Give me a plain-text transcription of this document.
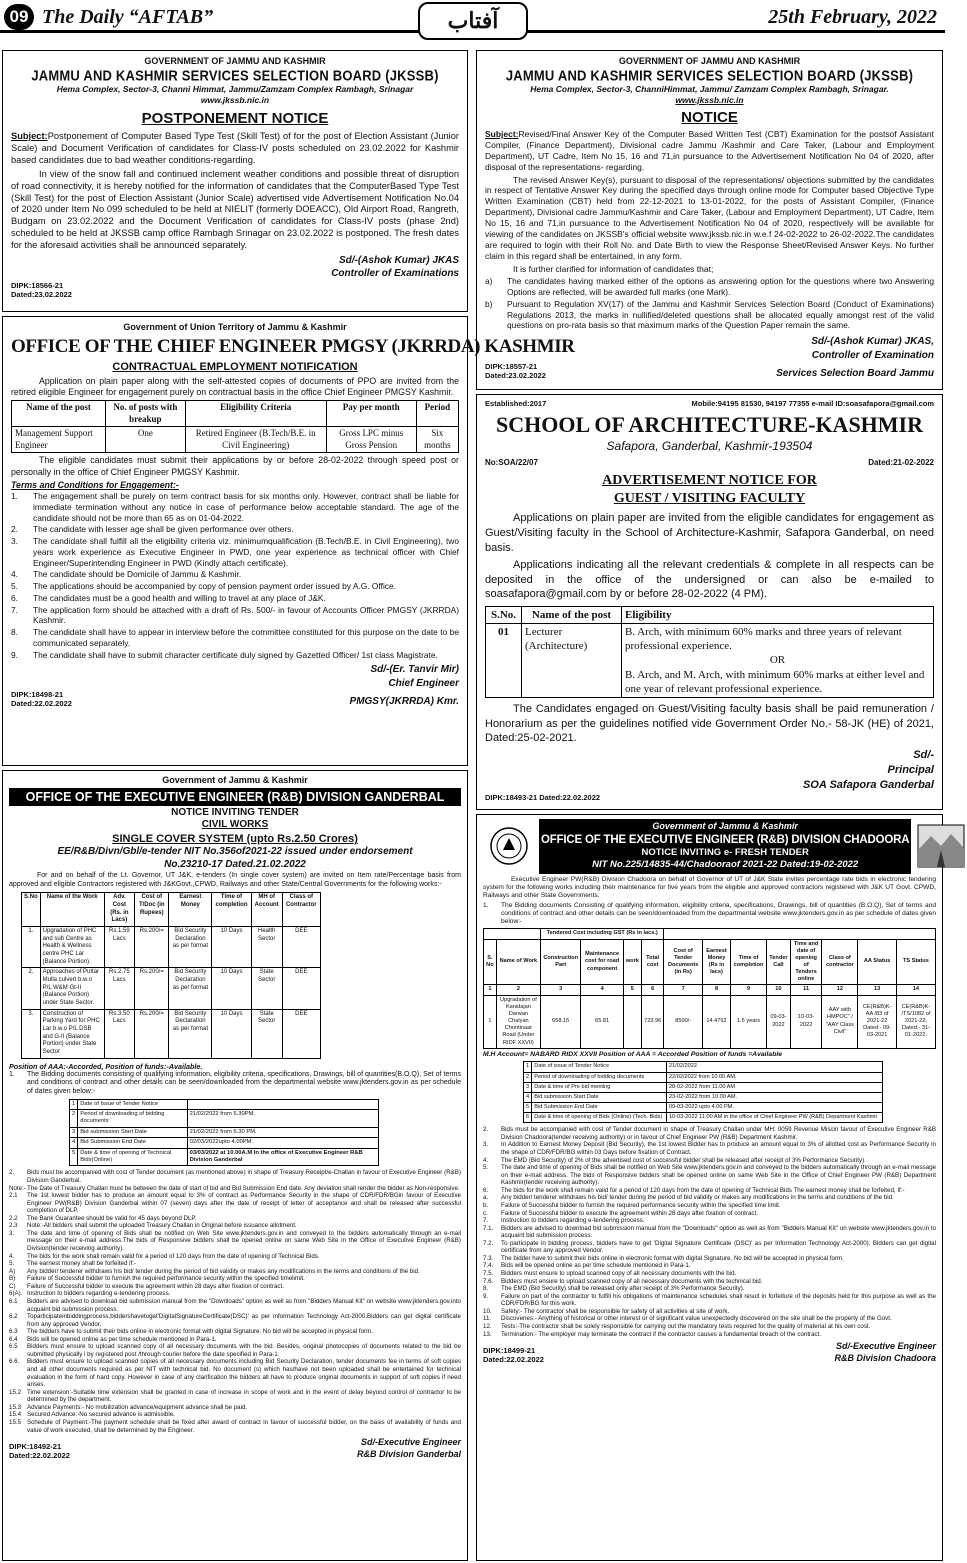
09 The Daily “AFTAB”	آفتاب	25th February, 2022
GOVERNMENT OF JAMMU AND KASHMIR
JAMMU AND KASHMIR SERVICES SELECTION BOARD (JKSSB)
Hema Complex, Sector-3, Channi Himmat, Jammu/Zamzam Complex Rambagh, Srinagar
www.jkssb.nic.in
POSTPONEMENT NOTICE

Subject:Postponement of Computer Based Type Test (Skill Test) of for the post of Election Assistant (Junior Scale) and Document Verification of candidates for Class-IV posts scheduled on 23.02.2022 for Kashmir based candidates due to bad weather conditions-regarding.

In view of the snow fall and continued inclement weather conditions and possible threat of disruption of road connectivity, it is hereby notified for the information of candidates that the ComputerBased Type Test (Skill Test) for the post of Election Assistant (Junior Scale) advertised vide Advertisement Notification No.04 of 2020 under Item No 099 scheduled to be held at NIELIT (formerly DOEACC), Old Airport Road, Rangreth, Budgam on 23.02.2022 and the Document Verification of candidates for Class-IV posts (phase 2nd) scheduled to be held at JKSSB camp office Rambagh Srinagar on 23.02.2022 is postponed. The fresh dates for the aforesaid activities shall be announced separately.

Sd/-(Ashok Kumar) JKAS
Controller of Examinations
DIPK:18566-21
Dated:23.02.2022
GOVERNMENT OF JAMMU AND KASHMIR
JAMMU AND KASHMIR SERVICES SELECTION BOARD (JKSSB)
Hema Complex, Sector-3, ChanniHimmat, Jammu/ Zamzam Complex Rambagh, Srinagar.
www.jkssb.nic.in
NOTICE

Subject:Revised/Final Answer Key of the Computer Based Written Test (CBT) Examination for the postsof Assistant Compiler, (Finance Department), Divisional cadre Jammu /Kashmir and Care Taker, (Labour and Employment Department), UT Cadre, Item No 15, 16 and 71,in pursuance to the Advertisement Notification No 04 of 2020, after disposal of the representations- regarding.

The revised Answer Key(s), pursuant to disposal of the representations/ objections submitted by the candidates in respect of Tentative Answer Key during the specified days through online mode for Computer based Objective Type Written Examination (CBT) held from 22-12-2021 to 13-01-2022, for the posts of Assistant Compiler, (Finance Department), Divisional cadre Jammu/Kashmir and Care Taker, (Labour and Employment Department), UT Cadre, Item No 15, 16 and 71,in pursuance to the Advertisement Notification No 04 of 2020, respectively will be available for viewing of the candidates on JKSSB's official website www.jkssb.nic.in w.e.f 24-02-2022 to 26-02-2022.The candidates are required to login with their Roll No. and Date Birth to view the Response Sheet/Revised Answer Keys. No further claim in this regard shall be entertained, in any form.

It is further clarified for information of candidates that;

a)	The candidates having marked either of the options as answering option for the questions where two Answering Options are reflected, will be awarded full marks (one Mark).
b)	Pursuant to Regulation XV(17) of the Jammu and Kashmir Services Selection Board (Conduct of Examinations) Regulations 2013, the marks in nullified/deleted questions shall be allocated equally amongst rest of the valid questions on pro-rata basis so that maximum marks of the Question Paper remain the same.
Sd/-(Ashok Kumar) JKAS,
Controller of Examination
DIPK:18557-21
Dated:23.02.2022	Services Selection Board Jammu
Government of Union Territory of Jammu & Kashmir
OFFICE OF THE CHIEF ENGINEER PMGSY (JKRRDA) KASHMIR
CONTRACTUAL EMPLOYMENT NOTIFICATION

Application on plain paper along with the self-attested copies of documents of PPO are invited from the retired eligible Engineer for engagement purely on contractual basis in the office Chief Engineer PMGSY Kashmir.

Name of the post	No. of posts with breakup	Eligibility Criteria	Pay per month	Period
Management Support Engineer	One	Retired Engineer (B.Tech/B.E. in Civil Engineering)	Gross LPC minus Gross Pension	Six months

The eligible candidates must submit their applications by or before 28-02-2022 through speed post or personally in the office of Chief Engineer PMGSY Kashmir.

Terms and Conditions for Engagement:-
1.	The engagement shall be purely on term contract basis for six months only. However, contract shall be liable for immediate termination without any notice in case of performance below acceptable standard. The age of the candidate should not be more than 65 as on 01-04-2022.
2.	The candidate with lesser age shall be given performance over others.
3.	The candidate shall fulfill all the eligibility criteria viz. minimumqualification (B.Tech/B.E. in Civil Engineering), two years work experience as Executive Engineer in PWD, one year experience as technical officer with Chief Engineer/Superintending Engineer in PWD (Kindly attach certificate).
4.	The candidate should be Domicile of Jammu & Kashmir.
5.	The applications should be accompanied by copy of pension payment order issued by A.G. Office.
6.	The candidates must be a good health and willing to travel at any place of J&K.
7.	The application form should be attached with a draft of Rs. 500/- in favour of Accounts Officer PMGSY (JKRRDA) Kashmir.
8.	The candidate shall have to appear in interview before the committee constituted for this purpose on the date to be communicated separately.
9.	The candidate shall have to submit character certificate duly signed by Gazetted Officer/ 1st class Magistrate.
Sd/-(Er. Tanvir Mir)
Chief Engineer
DIPK:18498-21
Dated:22.02.2022	PMGSY(JKRRDA) Kmr.
Established:2017	Mobile:94195 81530, 94197 77355 e-mail ID:soasafapora@gmail.com
SCHOOL OF ARCHITECTURE-KASHMIR
Safapora, Ganderbal, Kashmir-193504
No:SOA/22/07	Dated:21-02-2022
ADVERTISEMENT NOTICE FOR
GUEST / VISITING FACULTY

Applications on plain paper are invited from the eligible candidates for engagement as Guest/Visiting faculty in the School of Architecture-Kashmir, Safapora Ganderbal, on need basis.

Applications indicating all the relevant credentials & complete in all respects can be deposited in the office of the undersigned or can also be e-mailed to soasafapora@gmail.com by or before 28-02-2022 (4 PM).

S.No.	Name of the post	Eligibility
01	Lecturer (Architecture)	B. Arch, with minimum 60% marks and three years of relevant professional experience.
OR
B. Arch, and M. Arch, with minimum 60% marks at either level and one year of relevant professional experience.

The Candidates engaged on Guest/Visiting faculty basis shall be paid remuneration / Honorarium as per the guidelines notified vide Government Order No.- 58-JK (HE) of 2021, Dated:25-02-2021.

Sd/-
Principal
SOA Safapora Ganderbal
DIPK:18493-21 Dated:22.02.2022
Government of Jammu & Kashmir
OFFICE OF THE EXECUTIVE ENGINEER (R&B) DIVISION GANDERBAL
NOTICE INVITING TENDER
CIVIL WORKS
SINGLE COVER SYSTEM (upto Rs.2.50 Crores)
EE/R&B/Divn/Gbl/e-tender NIT No.356of2021-22 issued under endorsement
No.23210-17 Dated.21.02.2022

For and on behalf of the Lt. Governor, UT J&K, e-tenders (In single cover system) are invited on Item rate/Percentage basis from approved and eligible Contractors registered with J&KGovt.,CPWD, Railways and other State/Central Governments for the following works:-

S.No	Name of the Work	Adv. Cost (Rs. in Lacs)	Cost of T/Doc (in Rupees)	Earnest Money	Time of completion	MH of Account	Class of Contractor
1.	Upgradation of PHC and sub Centre as Health & Wellness centre PHC Lar (Balance Portion).	Rs.1.59 Lacs	Rs.200/=	Bid Security Declaration as per format	10 Days	Health Sector	DEE
2.	Approaches of Puttar Mulla culvert b.w.o P/L W&M Gt-II (Balance Portion) under State Sector.	Rs.2.75 Lacs	Rs.200/=	Bid Security Declaration as per format	10 Days	State Sector	DEE
3.	Construction of Parking Yard for PHC Lar b.w.o P/L DSB and G-II (Balance Portion) under State Sector	Rs.3.50 Lacs	Rs.200/=	Bid Security Declaration as per format	10 Days	State Sector	DEE
Position of AAA:-Accorded, Position of funds:-Available.
1.	The Bidding documents consisting of qualifying information, eligibility criteria, specifications, Drawings, bill of quantities(B.O.Q), Set of terms and conditions of contract and other details can be seen/downloaded from the departmental website www.jktenders.gov.in as per schedule of dates given below:-
1	Date of Issue of Tender Notice	
2	Period of downloading of bidding documents	21/02/2022 from 6.30PM.
3	Bid submission Start Date	21/02/2022 from 6.30 PM.
4	Bid Submission End Date	02/03/2022upto 4.00PM.
5	Date & time of opening of Technical Bids(Online)	03/03/2022 at 10.00A.M In the office of Executive Engineer R&B Division Ganderbal
2.	Bids must be accompanied with cost of Tender document (as mentioned above) in shape of Treasury Receipt/e-Challan in favour of Executive Engineer (R&B) Division Ganderbal.
Note:- The Date of Treasury Challan must be between the date of start of bid and Bid Submission End date. Any deviation shall render the bidder as Non-responsive.
2.1	The 1st lowest bidder has to produce an amount equal to 3% of contract as Performance Security in the shape of CDR/FDR/BGin favour of Executive Engineer PW(R&B) Division Ganderbal within 07 (seven) days after the date of receipt of letter of acceptance and shall be released after successful completion of DLP.
2.2	The Bank Guarantee should be valid for 45 days beyond DLP.
2.3	Note:-All bidders shall submit the uploaded Treasury Challan in Original before issuance allotment.
3.	The date and time of opening of Bids shall be notified on Web Site www.jktenders.gov.in and conveyed to the bidders automatically through an e-mail message on their e-mail address.The bids of Responsive bidders shall be opened online on same Web Site in the Office of Executive Engineer (R&B) Division(tender receiving authority).
4.	The bids for the work shall remain valid for a period of 120 days from the date of opening of Technical Bids.
5.	The earnest money shall be forfeited if:-
A)	Any bidder/ tenderer withdraws his bid/ tender during the period of bid validity or makes any modifications in the terms and conditions of the bid.
B)	Failure of Successful bidder to furnish the required performance security within the specified timelimit.
C)	Failure of Successful bidder to execute the agreement within 28 days after fixation of contract.
6(A). Instruction to bidders regarding e-tendering process.
6.1	Bidders are advised to download bid submission manual from the "Downloads" option as well as from "Bidders Manual Kit" on website www.jktenders.gov.into acquaint bid submission process.
6.2	Toparticipateinbiddingprocess,biddershavetoget'DigitalSignatureCertificate(DSC)' as per information Technology Act-2000.Bidders can get digital certificate from any approved Vendor.
6.3	The bidders have to submit their bids online in electronic format with digital Signature. No bid will be accepted in physical form.
6.4	Bids will be opened online as per time schedule mentioned in Para-1.
6.5	Bidders must ensure to upload scanned copy of all necessary documents with the bid. Besides, original photocopies of documents related to the bid be submitted physically l by registered post /through courier before the date specified in Para-1.
6.6.	Bidders must ensure to upload scanned copies of all necessary documents including Bid Security Declaration, tender documents fee in terms of soft copies and all other documents required as per NIT with technical bid. No document (s) which has/have not been uploaded shall be entertained for technical evaluation in the form of hard copy. However in case of any clarification the bidders all have to produce original documents in support of soft copies if need arises.
15.2 Time extension:-Suitable time extension shall be granted in case of increase in scope of work and in the event of delay beyond control of contractor to be determined by the department.
15.3 Advance Payments:- No mobilization advance/equipment advance shall be paid.
15.4 Secured Advance:-No secured advance is admissible.
15.5 Schedule of Payment:-The payment schedule shall be fixed after award of contract in favour of successful bidder, on the basis of availability of funds and value of work executed, shall be determined by the Engineer.
DIPK:18492-21
Dated:22.02.2022
Sd/-Executive Engineer
R&B Division Ganderbal
Government of Jammu & Kashmir
OFFICE OF THE EXECUTIVE ENGINEER (R&B) DIVISION CHADOORA
NOTICE INVITING e- FRESH TENDER
NIT No.225/14835-44/Chadooraof 2021-22 Dated:19-02-2022

Executive Engineer PW(R&B) Division Chadoora on behalf of Governor of UT of J&K State invites percentage rate bids in electronic tendering system for the following works including their maintenance for five years from the eligible and approved contractors registered with J&K UT Govt. CPWD, Railways and other State Governments.

1.	The Bidding documents Consisting of qualifying information, eligibility criteria, specifications, Drawings, bill of quantities (B.O.Q), Set of terms and conditions of contract and other details can be seen/downloaded from the departmental website www.jktenders.gov.in as per schedule of dates given below:-
		Tendered Cost including GST (Rs in lacs.)											
S. No	Name of Work	Construction Part	Maintenance cost for road component	work	Total cost	Cost of Tender Documents (in Rs)	Earnest Money (Rs in lacs)	Time of completion	Tender Call	Time and date of opening of Tenders online	Class of contractor	AA Status	TS Status
1	2	3	4	5	6	7	8	9	10	11	12	13	14
1	Upgradation of Kanidajan Darwan Chalyan Chontinaar Road (Under RIDF XXVII)	658.15	65.81		723.96	8500/-	14.4792	1.5 years	09-03-2022	10-03-2022	AAY with HMPOC" / "AAY Class Civil"	CE(R&B)K-AA /83 of 2021-22 Dated:- 09-03-2021	CE(R&B)K- /TS/1082 of 2021-22, Dated:- 31-01-2022.
M.H Account= NABARD RIDX XXVII Position of AAA = Accorded Position of funds =Available
1	Date of issue of Tender Notice	21/02/2022
2	Period of downloading of bidding documents	22/02/2022 from 10.00 AM.
3	Date & time of Pre bid meeting	28-02-2022 from 11.00 AM
4	Bid submission Start Date	23-02-2022 from 10.00 AM.
5	Bid Submission End Date	09-03-2022 upto 4.00 PM.
6	Date & time of opening of Bids (Online) (Tech. Bids)	10-03-2022 11:00 AM in the office of Chief Engineer PW (R&B) Department Kashmir
2.	Bids must be accompanied with cost of Tender document in shape of Treasury Challan under MH: 0059 Revenue Miscin favour of Executive Engineer R&B Division Chadoora(tender receiving authority) or in favour of Chief Engineer PW (R&B) Department Kashmir.
3.	In Addition to Earnest Money Deposit (Bid Security), the 1st lowest Bidder has to produce an amount equal to 3% of allotted cost as Performance Security in the shape of CDR/FDR/BG within 03 Days before fixation of Contract.
4.	The EMD (Bid Security) of 2% of the advertised cost of successful bidder shall be released after receipt of 3% Performance Security).
5.	The date and time of opening of Bids shall be notified on Web Site www.jktenders.gov.in and conveyed to the bidders automatically through an e-mail message on their e-mail address. The bids of Responsive bidders shall be opened online on same Web Site in the Office of Chief Engineer PW (R&B) Department Kashmir(tender receiving authority).
6.	The bids for the work shall remain valid for a period of 120 days from the date of opening of Technical Bids The earnest money shall be forfeited, If:-
a.	Any bidder/ tenderer withdraws his bid/ tender during the period of bid validity or makes any modifications in the terms and conditions of the bid.
b.	Failure of Successful bidder to furnish the required performance security within the specified time limit.
c.	Failure of Successful bidder to execute the agreement within 28 days after fixation of contract.
7.	Instruction to bidders regarding e-tendering process.
7.1.	Bidders are advised to download bid submission manual from the "Downloads" option as well as from "Bidders Manual Kit" on website www.jktenders.gov.in to acquaint bid submission process.
7.2.	To participate in bidding process, bidders have to get 'Digital Signature Certificate (DSC)' as per Information Technology Act-2000). Bidders can get digital certificate from any approved Vendor.
7.3.	The bidder have to submit their bids online in electronic format with digital Signature. No bid will be accepted in physical form.
7.4.	Bids will be opened online as per time schedule mentioned in Para-1.
7.5.	Bidders must ensure to upload scanned copy of all necessary documents with the bid.
7.6.	Bidders must ensure to upload scanned copy of all necessary documents with the technical bid.
8.	The EMD (Bid Security) shall be released only after receipt of 3% Performance Security).
9.	Failure on part of the contractor to fulfill his obligations of maintenance schedules shall result in forfeiture of the deposits held for this purpose as well as the CDR/FDR/BG for this work.
10.	Safety:- The contractor shall be responsible for safety of all activities at site of work.
11.	Discoveries:- Anything of historical or other interest or of significant value unexpectedly discovered on the site shall be the property of the Govt.
12.	Tests:-The contractor shall be solely responsible for carrying out the mandatory tests required for the quality of material at his own cost.
13.	Termination:- The employer may terminate the contract if the contractor causes a fundamental breach of the contract.
DIPK:18499-21
Dated:22.02.2022
Sd/-Executive Engineer
R&B Division Chadoora
